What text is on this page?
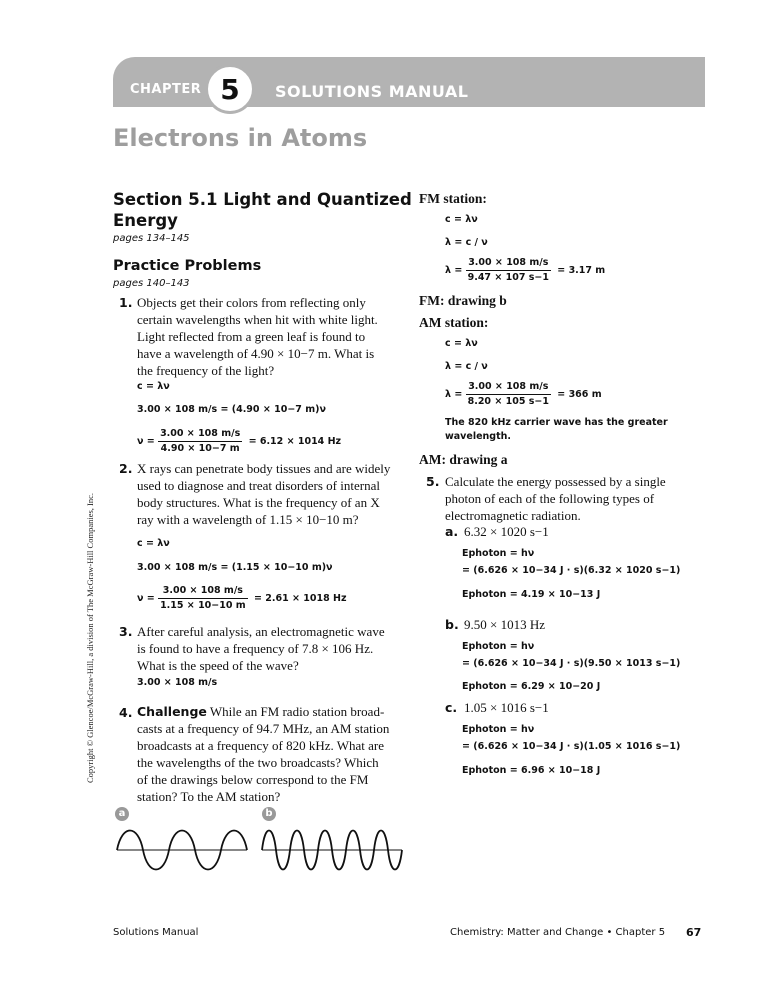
CHAPTER 5	SOLUTIONS MANUAL
Electrons in Atoms
Copyright © Glencoe/McGraw-Hill, a division of The McGraw-Hill Companies, Inc.
Section 5.1 Light and Quantized
Energy
pages 134–145
Practice Problems
pages 140–143
1. Objects get their colors from reflecting only
certain wavelengths when hit with white light.
Light reflected from a green leaf is found to
have a wavelength of 4.90 × 10−7 m. What is
the frequency of the light?
c = λν
3.00 × 108 m/s = (4.90 × 10−7 m)ν
$\nu = \frac{3.00 \times 108 m/s}{4.90 \times 10-7 m} = 6.12 \times 1014$ Hz
2. X rays can penetrate body tissues and are widely
used to diagnose and treat disorders of internal
body structures. What is the frequency of an X
ray with a wavelength of 1.15 × 10−10 m?
c = λν
3.00 × 108 m/s = (1.15 × 10−10 m)ν
$\nu = \frac{3.00 \times 108 m/s}{1.15 \times 10-10 m} = 2.61 \times 1018$ Hz
3. After careful analysis, an electromagnetic wave
is found to have a frequency of 7.8 × 106 Hz.
What is the speed of the wave?
3.00 × 108 m/s
4. Challenge While an FM radio station broad-
casts at a frequency of 94.7 MHz, an AM station
broadcasts at a frequency of 820 kHz. What are
the wavelengths of the two broadcasts? Which
of the drawings below correspond to the FM
station? To the AM station?
a	b
FM station:
c = λν
λ = c / ν
$\lambda = \frac{3.00 \times 108 m/s}{9.47 \times 107 s-1} = 3.17$ m
FM: drawing b
AM station:
c = λν
λ = c / ν
$\lambda = \frac{3.00 \times 108 m/s}{8.20 \times 105 s-1} = 366$ m
The 820 kHz carrier wave has the greater
wavelength.
AM: drawing a
5. Calculate the energy possessed by a single
photon of each of the following types of
electromagnetic radiation.
a. 6.32 × 1020 s−1
Ephoton = hν
= (6.626 × 10−34 J · s)(6.32 × 1020 s−1)
Ephoton = 4.19 × 10−13 J
b. 9.50 × 1013 Hz
Ephoton = hν
= (6.626 × 10−34 J · s)(9.50 × 1013 s−1)
Ephoton = 6.29 × 10−20 J
c. 1.05 × 1016 s−1
Ephoton = hν
= (6.626 × 10−34 J · s)(1.05 × 1016 s−1)
Ephoton = 6.96 × 10−18 J
Solutions Manual	Chemistry: Matter and Change • Chapter 5 67
